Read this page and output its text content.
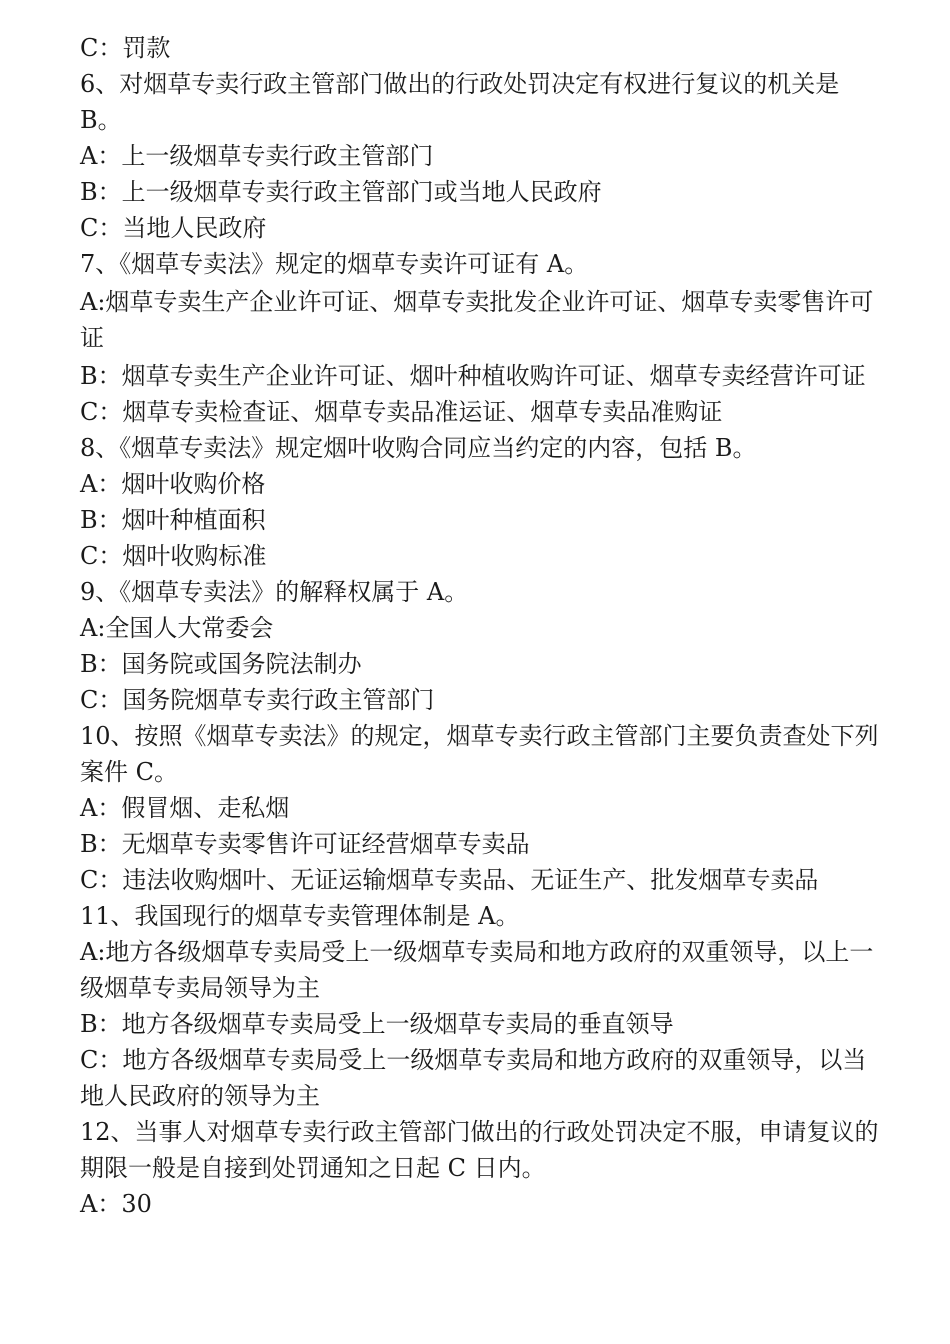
C：罚款

6、对烟草专卖行政主管部门做出的行政处罚决定有权进行复议的机关是 B。

A：上一级烟草专卖行政主管部门

B：上一级烟草专卖行政主管部门或当地人民政府

C：当地人民政府

7、《烟草专卖法》规定的烟草专卖许可证有 A。

A:烟草专卖生产企业许可证、烟草专卖批发企业许可证、烟草专卖零售许可证

B：烟草专卖生产企业许可证、烟叶种植收购许可证、烟草专卖经营许可证

C：烟草专卖检查证、烟草专卖品准运证、烟草专卖品准购证

8、《烟草专卖法》规定烟叶收购合同应当约定的内容，包括 B。

A：烟叶收购价格

B：烟叶种植面积

C：烟叶收购标准

9、《烟草专卖法》的解释权属于 A。

A:全国人大常委会

B：国务院或国务院法制办

C：国务院烟草专卖行政主管部门

10、按照《烟草专卖法》的规定，烟草专卖行政主管部门主要负责查处下列案件 C。

A：假冒烟、走私烟

B：无烟草专卖零售许可证经营烟草专卖品

C：违法收购烟叶、无证运输烟草专卖品、无证生产、批发烟草专卖品

11、我国现行的烟草专卖管理体制是 A。

A:地方各级烟草专卖局受上一级烟草专卖局和地方政府的双重领导，以上一级烟草专卖局领导为主

B：地方各级烟草专卖局受上一级烟草专卖局的垂直领导

C：地方各级烟草专卖局受上一级烟草专卖局和地方政府的双重领导，以当地人民政府的领导为主

12、当事人对烟草专卖行政主管部门做出的行政处罚决定不服，申请复议的期限一般是自接到处罚通知之日起 C 日内。

A：30
